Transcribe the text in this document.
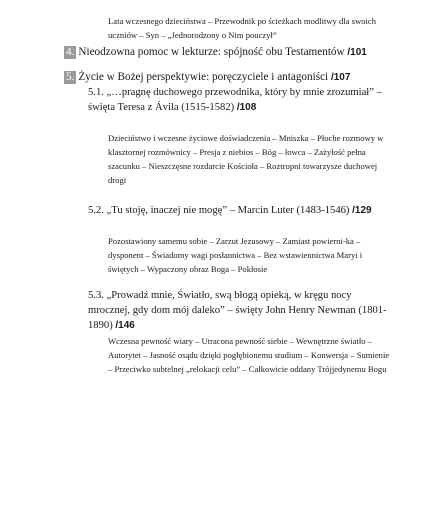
Lata wczesnego dzieciństwa – Przewodnik po ścieżkach modlitwy dla swoich uczniów – Syn – „Jednorodzony o Nim pouczył”
4. Nieodzowna pomoc w lekturze: spójność obu Testamentów /101
5. Życie w Bożej perspektywie: poręczyciele i antagoniści /107
5.1. „…pragnę duchowego przewodnika, który by mnie zrozumiał” – święta Teresa z Ávila (1515-1582) /108
Dzieciństwo i wczesne życiowe doświadczenia – Mniszka – Płoche rozmowy w klasztornej rozmównicy – Presja z niebios – Bóg – łowca – Zażyłość pełna szacunku – Nieszczęsne rozdarcie Kościoła – Roztropni towarzysze duchowej drogi
5.2. „Tu stoję, inaczej nie mogę” – Marcin Luter (1483-1546) /129
Pozostawiony samemu sobie – Zarzut Jezusowy – Zamiast powierni-ka – dysponent – Świadomy wagi posłannictwa – Bez wstawiennictwa Maryi i świętych – Wypaczony obraz Boga – Pokłosie
5.3. „Prowadź mnie, Światło, swą błogą opieką, w kręgu nocy mrocznej, gdy dom mój daleko” – święty John Henry Newman (1801-1890) /146
Wczesna pewność wiary – Utracona pewność siebie – Wewnętrzne światło – Autorytet – Jasność osądu dzięki pogłębionemu studium – Konwersja – Sumienie – Przeciwko subtelnej „relokacji celu” – Całkowicie oddany Trójjedynemu Bogu
